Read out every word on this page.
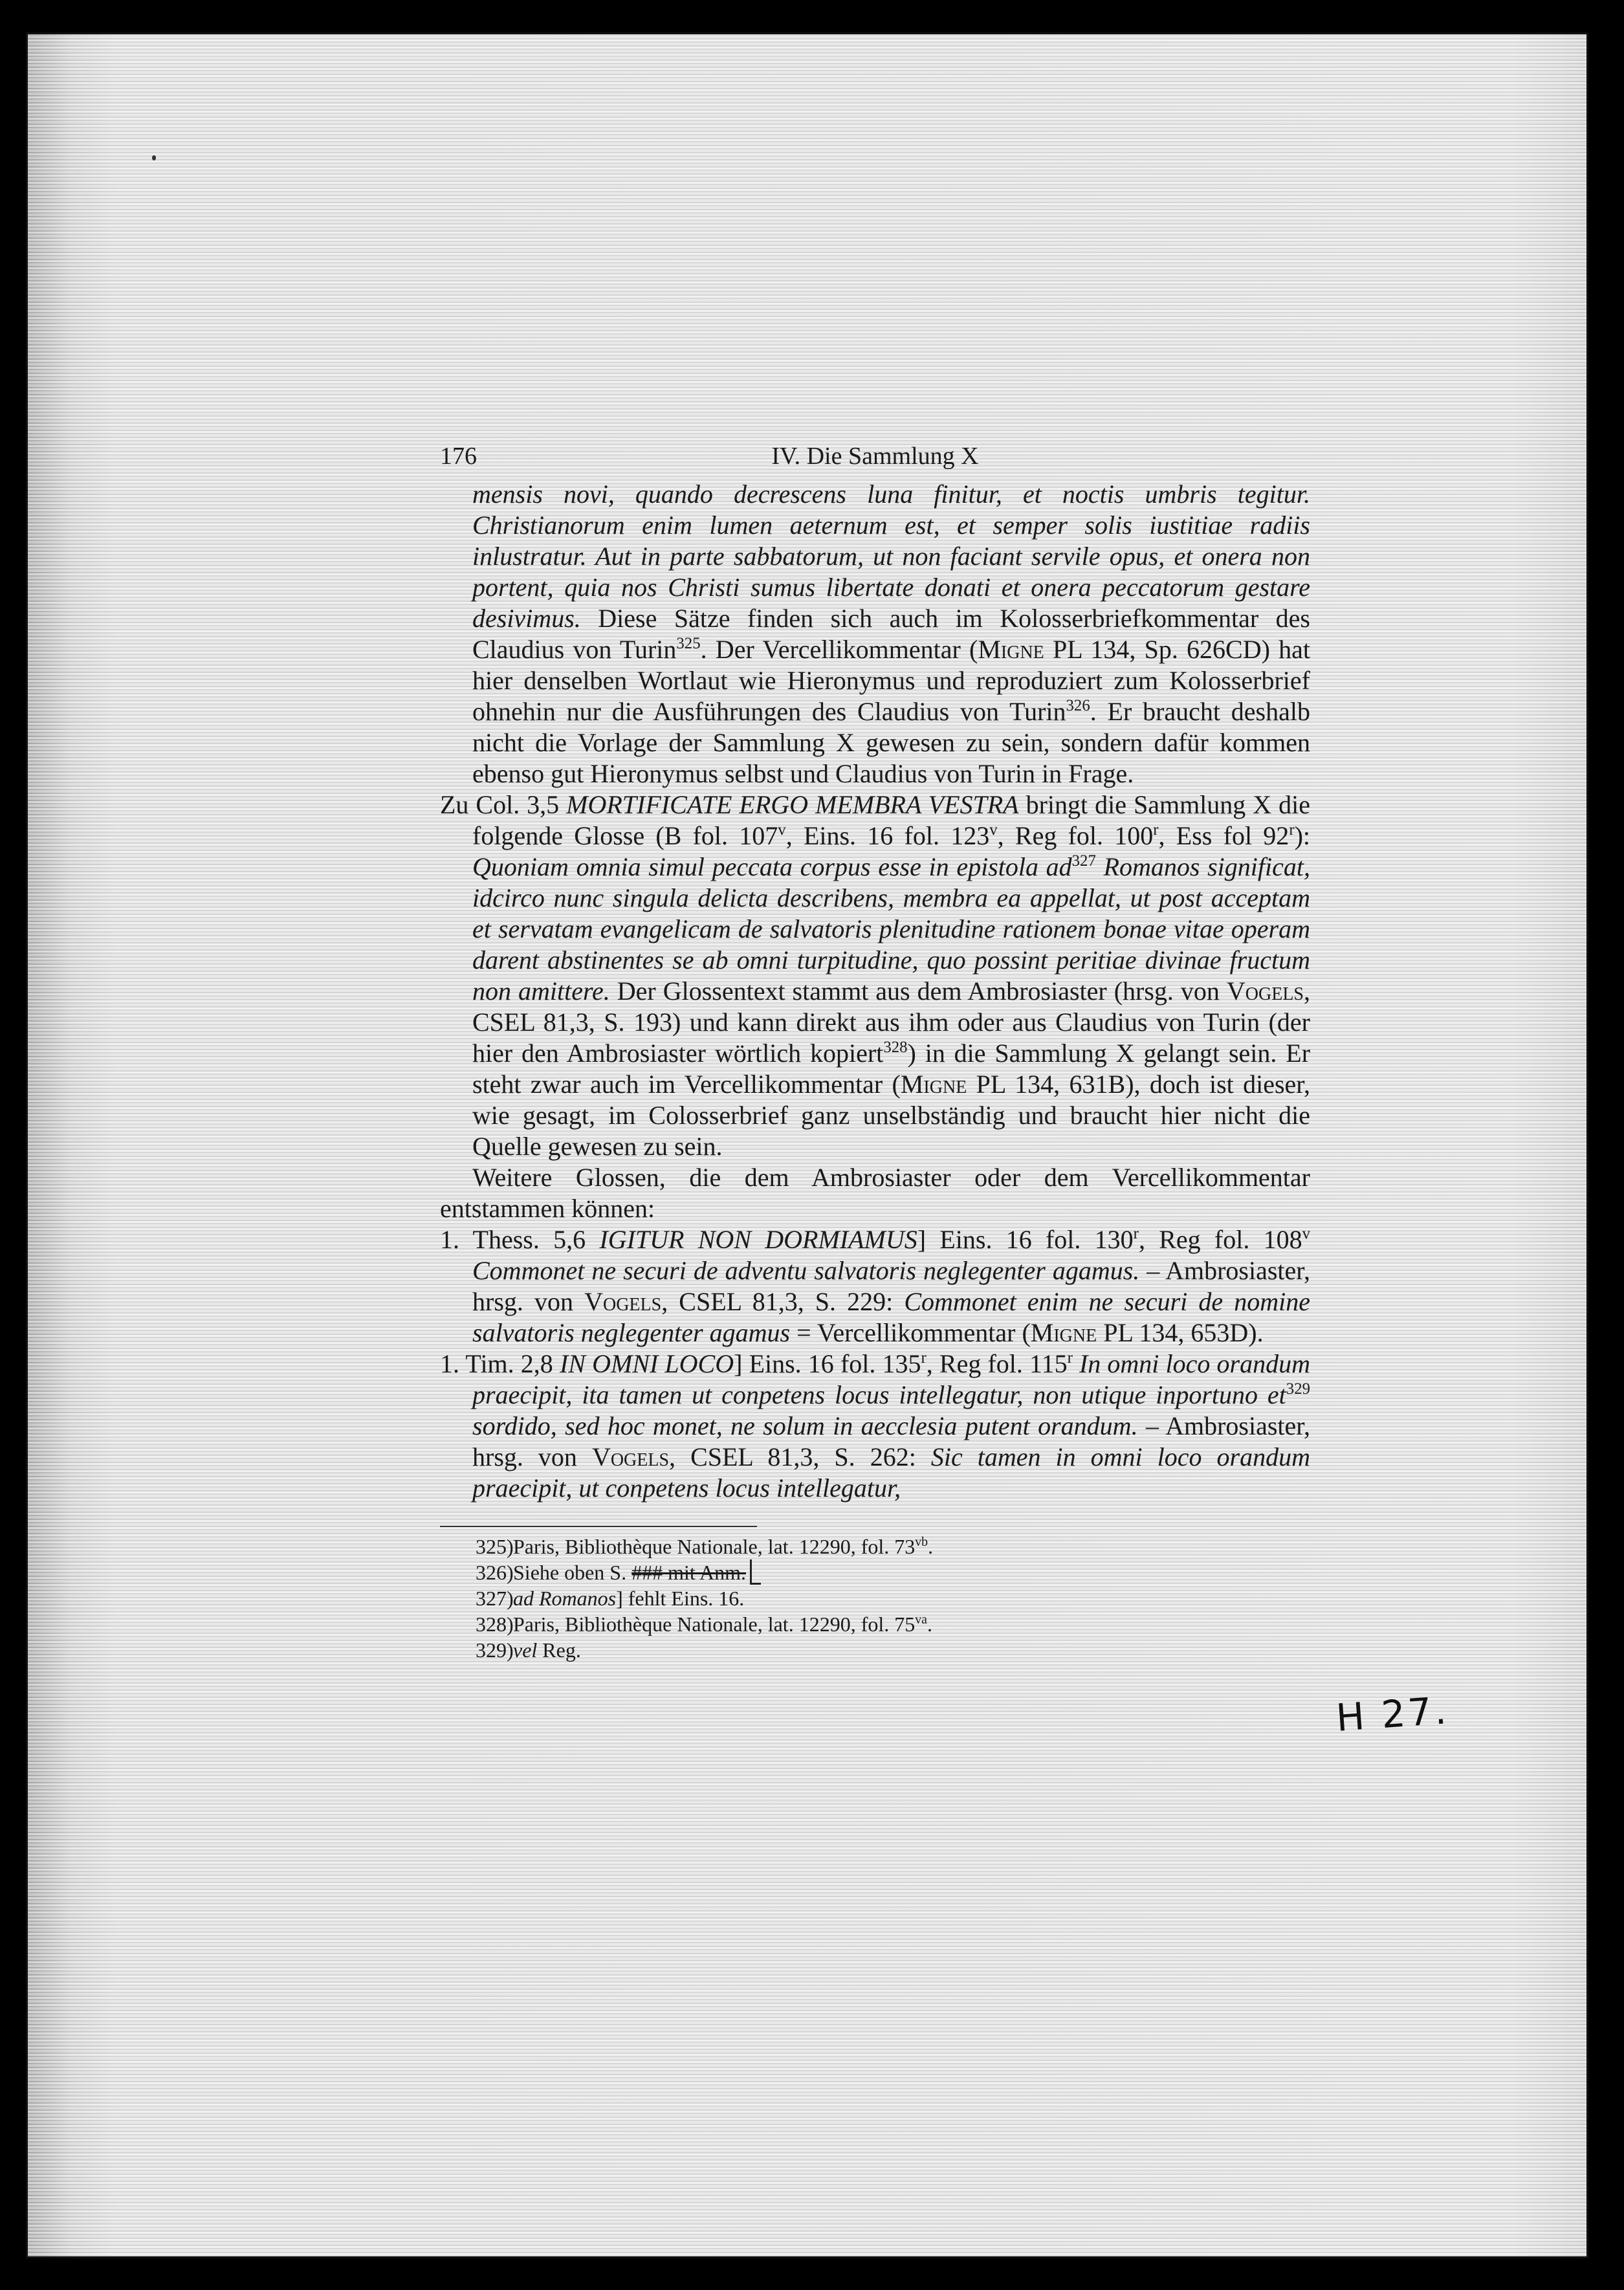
176	IV. Die Sammlung X

mensis novi, quando decrescens luna finitur, et noctis umbris tegitur. Christianorum enim lumen aeternum est, et semper solis iustitiae radiis inlustratur. Aut in parte sabbatorum, ut non faciant servile opus, et onera non portent, quia nos Christi sumus libertate donati et onera peccatorum gestare desivimus. Diese Sätze finden sich auch im Kolosserbriefkommentar des Claudius von Turin$^{325}$. Der Vercellikommentar (Migne PL 134, Sp. 626CD) hat hier denselben Wortlaut wie Hieronymus und reproduziert zum Kolosserbrief ohnehin nur die Ausführungen des Claudius von Turin$^{326}$. Er braucht deshalb nicht die Vorlage der Sammlung X gewesen zu sein, sondern dafür kommen ebenso gut Hieronymus selbst und Claudius von Turin in Frage.

Zu Col. 3,5 MORTIFICATE ERGO MEMBRA VESTRA bringt die Sammlung X die folgende Glosse (B fol. 107$^v$, Eins. 16 fol. 123$^v$, Reg fol. 100$^r$, Ess fol 92$^r$): Quoniam omnia simul peccata corpus esse in epistola $ad^{327}$ Romanos significat, idcirco nunc singula delicta describens, membra ea appellat, ut post acceptam et servatam evangelicam de salvatoris plenitudine rationem bonae vitae operam darent abstinentes se ab omni turpitudine, quo possint peritiae divinae fructum non amittere. Der Glossentext stammt aus dem Ambrosiaster (hrsg. von Vogels, CSEL 81,3, S. 193) und kann direkt aus ihm oder aus Claudius von Turin (der hier den Ambrosiaster wörtlich kopiert$^{328}$) in die Sammlung X gelangt sein. Er steht zwar auch im Vercellikommentar (Migne PL 134, 631B), doch ist dieser, wie gesagt, im Colosserbrief ganz unselbständig und braucht hier nicht die Quelle gewesen zu sein.

Weitere Glossen, die dem Ambrosiaster oder dem Vercellikommentar entstammen können:

1. Thess. 5,6 IGITUR NON DORMIAMUS] Eins. 16 fol. 130$^r$, Reg fol. 108$^v$ Commonet ne securi de adventu salvatoris neglegenter agamus. – Ambrosiaster, hrsg. von Vogels, CSEL 81,3, S. 229: Commonet enim ne securi de nomine salvatoris neglegenter agamus = Vercellikommentar (Migne PL 134, 653D).

1. Tim. 2,8 IN OMNI LOCO] Eins. 16 fol. 135$^r$, Reg fol. 115$^r$ In omni loco orandum praecipit, ita tamen ut conpetens locus intellegatur, non utique inportuno $et^{329}$ sordido, sed hoc monet, ne solum in aecclesia putent orandum. – Ambrosiaster, hrsg. von Vogels, CSEL 81,3, S. 262: Sic tamen in omni loco orandum praecipit, ut conpetens locus intellegatur,

325)Paris, Bibliothèque Nationale, lat. 12290, fol. $73^{vb}$.

326)Siehe oben S. ### mit Anm.

327)ad Romanos] fehlt Eins. 16.

328)Paris, Bibliothèque Nationale, lat. 12290, fol. $75^{va}$.

329)vel Reg.

H 27.
